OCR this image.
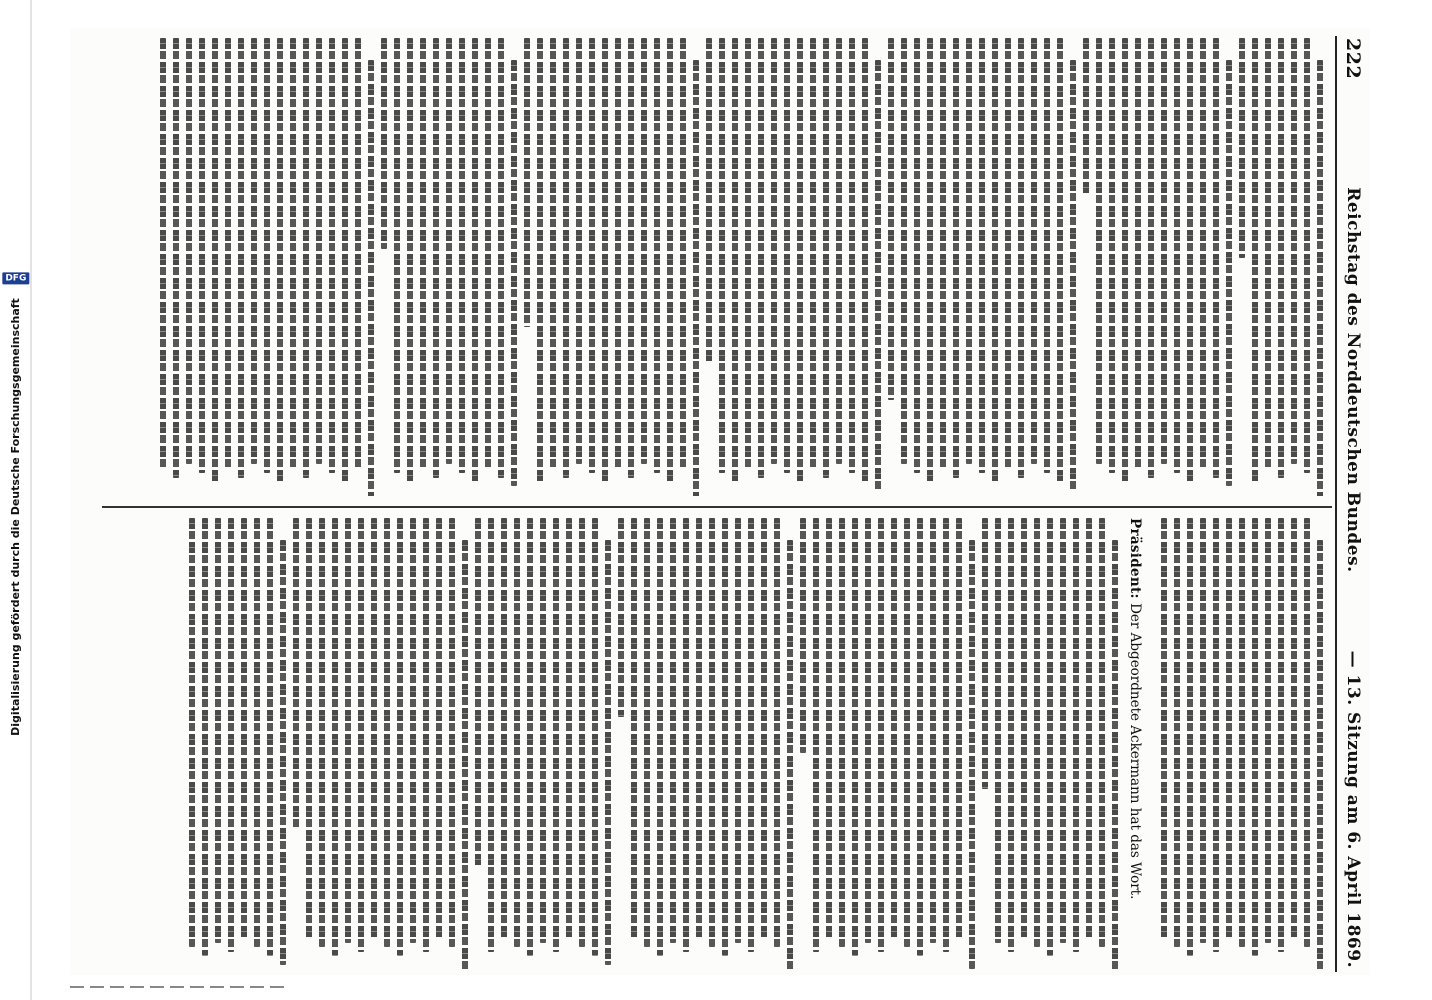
Digitalisierung gefördert durch die Deutsche Forschungsgemeinschaft
DFG
222
Reichstag des Norddeutschen Bundes.
— 13. Sitzung am 6. April 1869.
Präsident: Der Abgeordnete Ackermann hat das Wort.
